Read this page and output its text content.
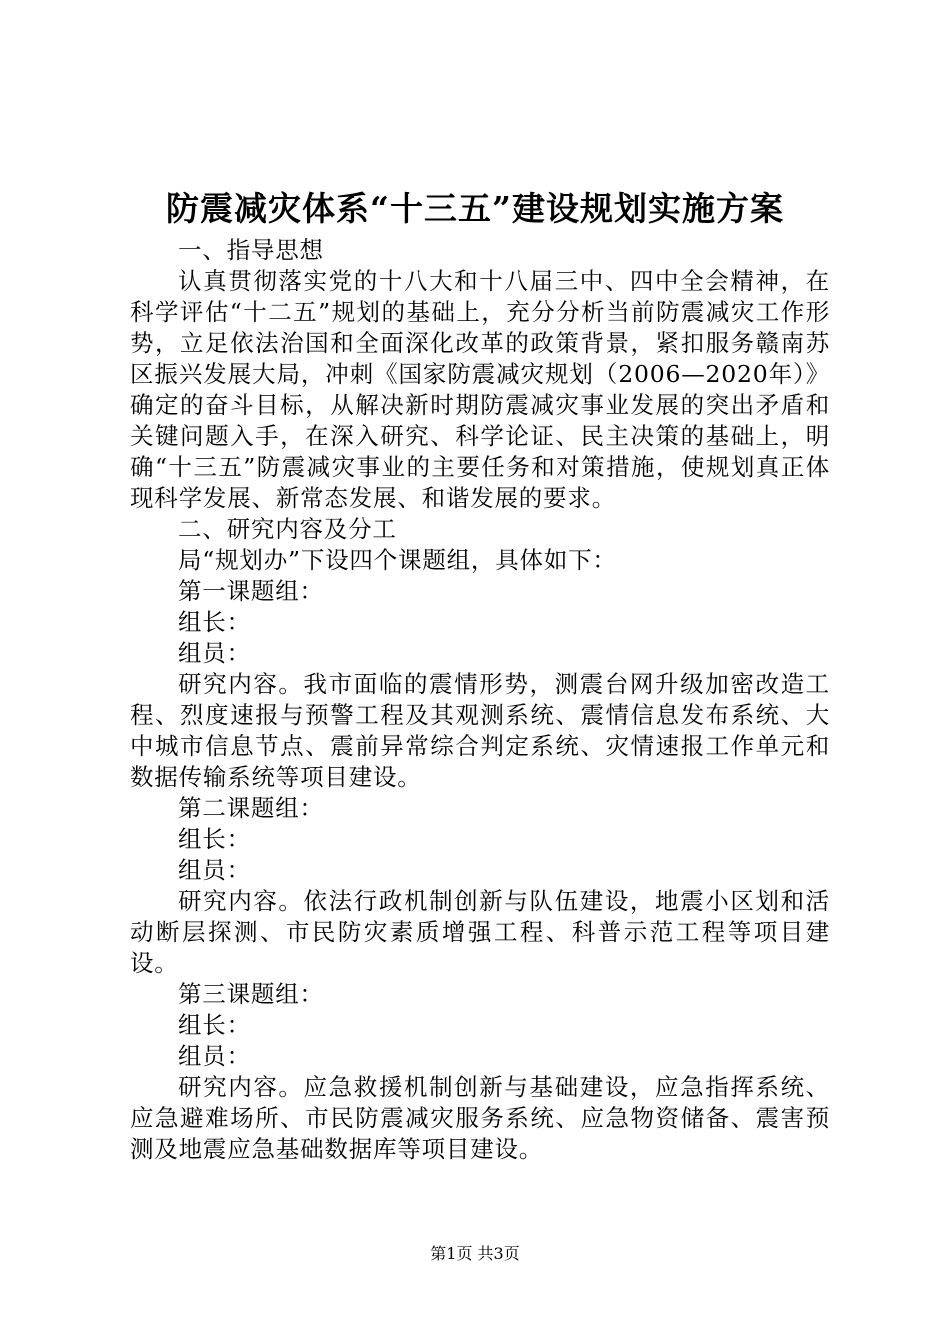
防震减灾体系“十三五”建设规划实施方案

一、指导思想

认真贯彻落实党的十八大和十八届三中、四中全会精神，在科学评估“十二五”规划的基础上，充分分析当前防震减灾工作形势，立足依法治国和全面深化改革的政策背景，紧扣服务赣南苏区振兴发展大局，冲刺《国家防震减灾规划（2006—2020年）》确定的奋斗目标，从解决新时期防震减灾事业发展的突出矛盾和关键问题入手，在深入研究、科学论证、民主决策的基础上，明确“十三五”防震减灾事业的主要任务和对策措施，使规划真正体现科学发展、新常态发展、和谐发展的要求。

二、研究内容及分工

局“规划办”下设四个课题组，具体如下：

第一课题组：

组长：

组员：

研究内容。我市面临的震情形势，测震台网升级加密改造工程、烈度速报与预警工程及其观测系统、震情信息发布系统、大中城市信息节点、震前异常综合判定系统、灾情速报工作单元和数据传输系统等项目建设。

第二课题组：

组长：

组员：

研究内容。依法行政机制创新与队伍建设，地震小区划和活动断层探测、市民防灾素质增强工程、科普示范工程等项目建设。

第三课题组：

组长：

组员：

研究内容。应急救援机制创新与基础建设，应急指挥系统、应急避难场所、市民防震减灾服务系统、应急物资储备、震害预测及地震应急基础数据库等项目建设。

第1页 共3页
